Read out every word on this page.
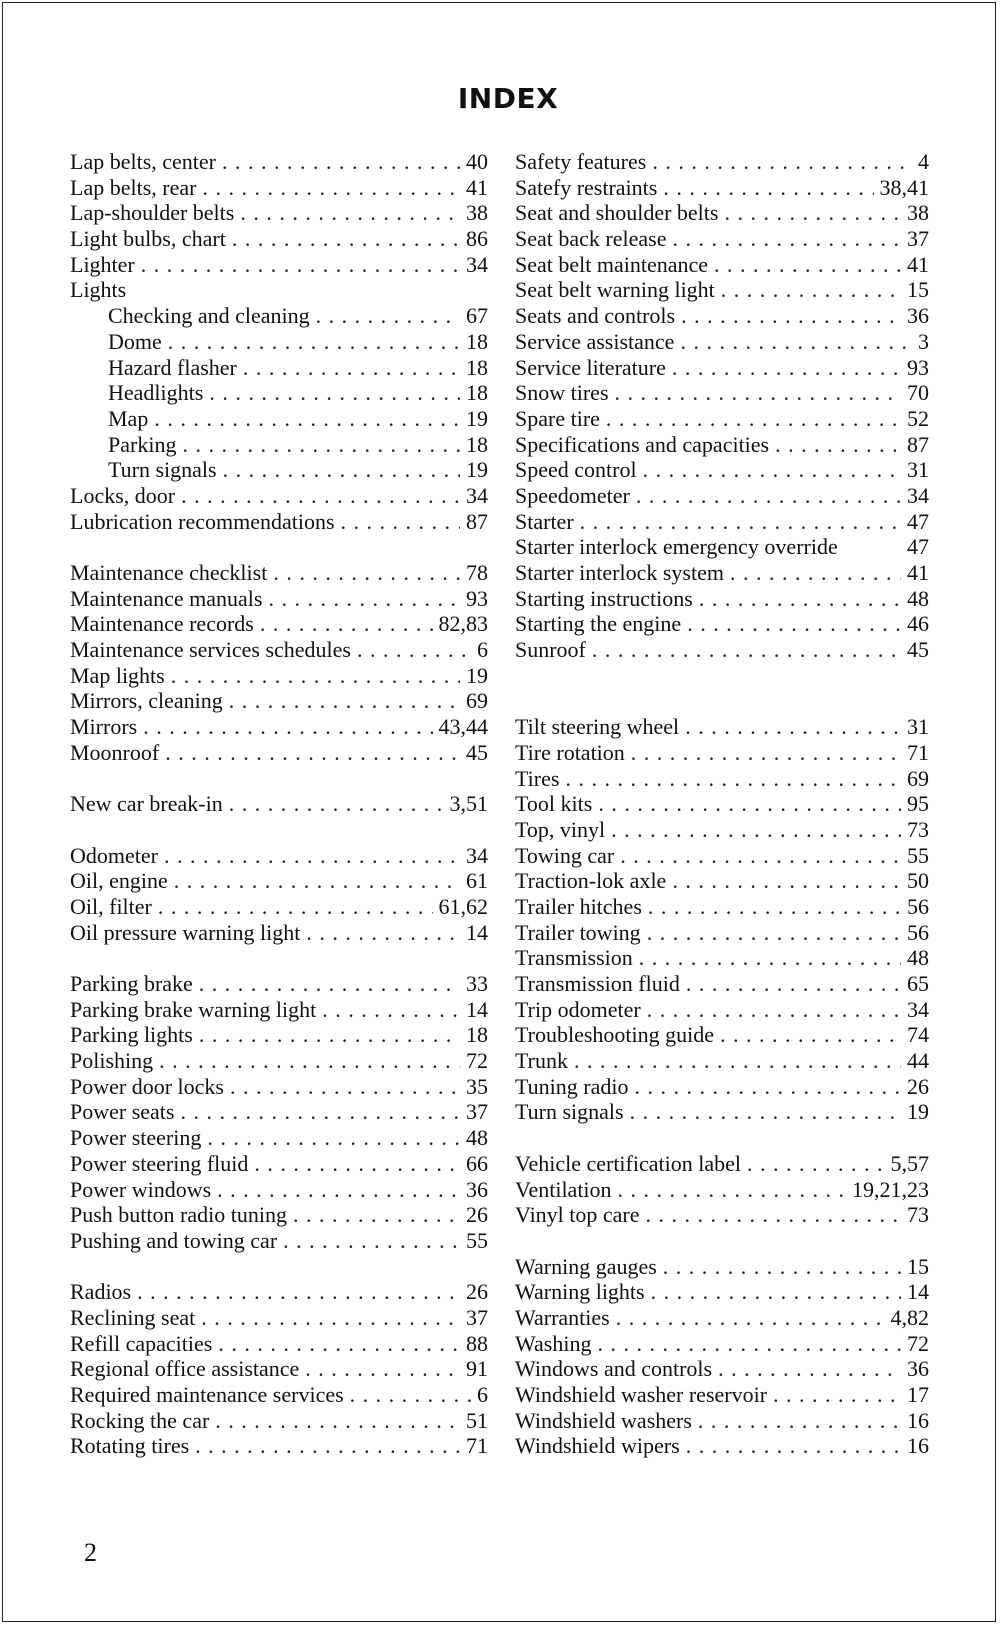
INDEX
Lap belts, center . . .	40
Lap belts, rear . . .	41
Lap-shoulder belts . . .	38
Light bulbs, chart . . .	86
Lighter . . .	34
Lights
Checking and cleaning . . .	67
Dome . . .	18
Hazard flasher . . .	18
Headlights . . .	18
Map . . .	19
Parking . . .	18
Turn signals . . .	19
Locks, door . . .	34
Lubrication recommendations . . .	87
Maintenance checklist . . .	78
Maintenance manuals . . .	93
Maintenance records . . .	82,83
Maintenance services schedules . . .	6
Map lights . . .	19
Mirrors, cleaning . . .	69
Mirrors . . .	43,44
Moonroof . . .	45
New car break-in . . .	3,51
Odometer . . .	34
Oil, engine . . .	61
Oil, filter . . .	61,62
Oil pressure warning light . . .	14
Parking brake . . .	33
Parking brake warning light . . .	14
Parking lights . . .	18
Polishing . . .	72
Power door locks . . .	35
Power seats . . .	37
Power steering . . .	48
Power steering fluid . . .	66
Power windows . . .	36
Push button radio tuning . . .	26
Pushing and towing car . . .	55
Radios . . .	26
Reclining seat . . .	37
Refill capacities . . .	88
Regional office assistance . . .	91
Required maintenance services . . .	6
Rocking the car . . .	51
Rotating tires . . .	71
Safety features . . .	4
Satefy restraints . . .	38,41
Seat and shoulder belts . . .	38
Seat back release . . .	37
Seat belt maintenance . . .	41
Seat belt warning light . . .	15
Seats and controls . . .	36
Service assistance . . .	3
Service literature . . .	93
Snow tires . . .	70
Spare tire . . .	52
Specifications and capacities . . .	87
Speed control . . .	31
Speedometer . . .	34
Starter . . .	47
Starter interlock emergency override	47
Starter interlock system . . .	41
Starting instructions . . .	48
Starting the engine . . .	46
Sunroof . . .	45
Tilt steering wheel . . .	31
Tire rotation . . .	71
Tires . . .	69
Tool kits . . .	95
Top, vinyl . . .	73
Towing car . . .	55
Traction-lok axle . . .	50
Trailer hitches . . .	56
Trailer towing . . .	56
Transmission . . .	48
Transmission fluid . . .	65
Trip odometer . . .	34
Troubleshooting guide . . .	74
Trunk . . .	44
Tuning radio . . .	26
Turn signals . . .	19
Vehicle certification label . . .	5,57
Ventilation . . .	19,21,23
Vinyl top care . . .	73
Warning gauges . . .	15
Warning lights . . .	14
Warranties . . .	4,82
Washing . . .	72
Windows and controls . . .	36
Windshield washer reservoir . . .	17
Windshield washers . . .	16
Windshield wipers . . .	16
2
